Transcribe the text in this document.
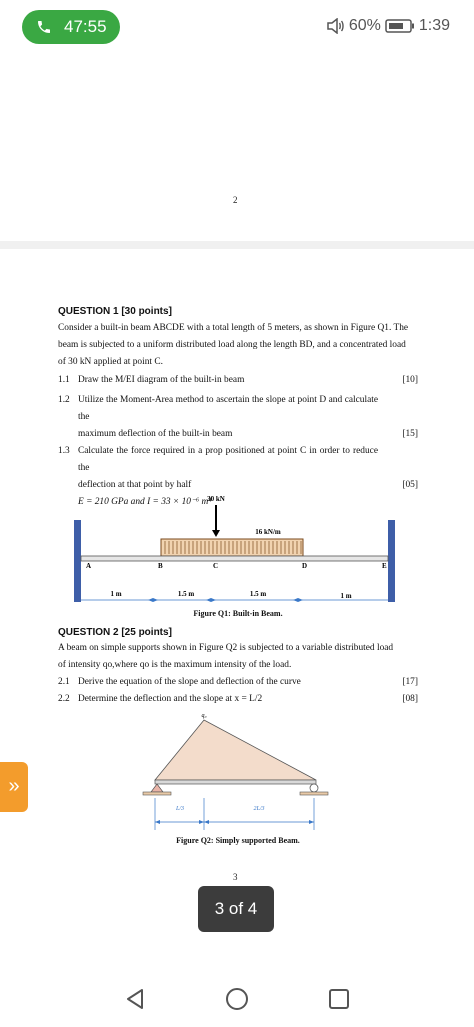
47:55	60% 1:39
2
QUESTION 1 [30 points]
Consider a built-in beam ABCDE with a total length of 5 meters, as shown in Figure Q1. The
beam is subjected to a uniform distributed load along the length BD, and a concentrated load
of 30 kN applied at point C.
1.1 Draw the M/EI diagram of the built-in beam	[10]
1.2 Utilize the Moment-Area method to ascertain the slope at point D and calculate the
maximum deflection of the built-in beam	[15]
1.3 Calculate the force required in a prop positioned at point C in order to reduce the
deflection at that point by half	[05]
E = 210 GPa and I = 33 × 10⁻⁶ m⁴
30 kN
16 kN/m
A	B	C	D	E
1 m	1.5 m	1.5 m	1 m
Figure Q1: Built-in Beam.
QUESTION 2 [25 points]
A beam on simple supports shown in Figure Q2 is subjected to a variable distributed load
of intensity qo,where qo is the maximum intensity of the load.
2.1 Derive the equation of the slope and deflection of the curve	[17]
2.2 Determine the deflection and the slope at x = L/2	[08]
q₀
L/3	2L/3
Figure Q2: Simply supported Beam.
3
»
3 of 4
